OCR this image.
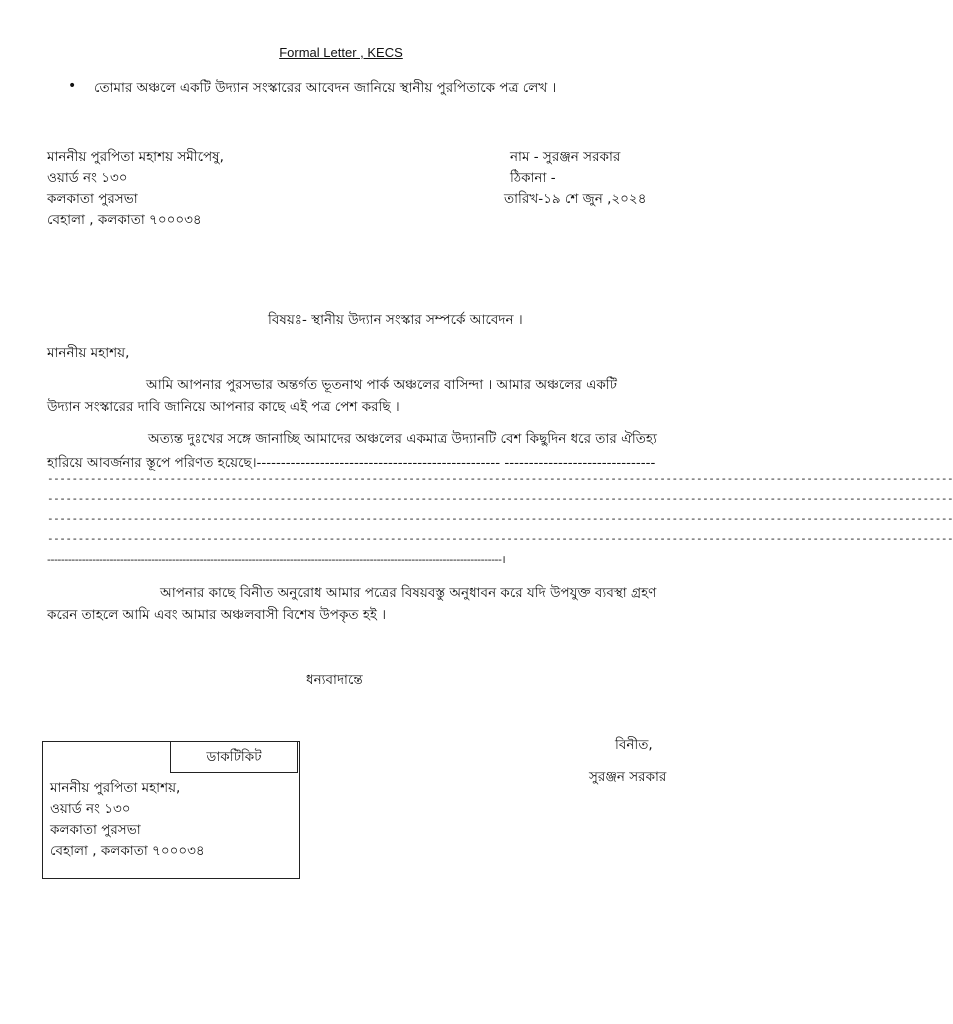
Formal Letter , KECS
• তোমার অঞ্চলে একটি উদ্যান সংস্কারের আবেদন জানিয়ে স্থানীয় পুরপিতাকে পত্র লেখ ।
মাননীয় পুরপিতা মহাশয় সমীপেষু,
ওয়ার্ড নং ১৩০
কলকাতা পুরসভা
বেহালা , কলকাতা ৭০০০৩৪
নাম - সুরঞ্জন সরকার
ঠিকানা -
তারিখ-১৯ শে জুন ,২০২৪
বিষয়ঃ- স্থানীয় উদ্যান সংস্কার সম্পর্কে আবেদন ।
মাননীয় মহাশয়,
আমি আপনার পুরসভার অন্তর্গত ভূতনাথ পার্ক অঞ্চলের বাসিন্দা । আমার অঞ্চলের একটি
উদ্যান সংস্কারের দাবি জানিয়ে আপনার কাছে এই পত্র পেশ করছি ।
অত্যন্ত দুঃখের সঙ্গে জানাচ্ছি আমাদের অঞ্চলের একমাত্র উদ্যানটি বেশ কিছুদিন ধরে তার ঐতিহ্য
হারিয়ে আবর্জনার স্তূপে পরিণত হয়েছে।-------------------------------------------------- -------------------------------
----------------------------------------------------------------------------------------------------------------------------------------------------
----------------------------------------------------------------------------------------------------------------------------------------------------
----------------------------------------------------------------------------------------------------------------------------------------------------
----------------------------------------------------------------------------------------------------------------------------------------------------
-----------------------------------------------------------------------------------------------------------------------------------।
আপনার কাছে বিনীত অনুরোধ আমার পত্রের বিষয়বস্তু অনুধাবন করে যদি উপযুক্ত ব্যবস্থা গ্রহণ
করেন তাহলে আমি এবং আমার অঞ্চলবাসী বিশেষ উপকৃত হই ।
ধন্যবাদান্তে
বিনীত,
সুরঞ্জন সরকার
ডাকটিকিট
মাননীয় পুরপিতা মহাশয়,
ওয়ার্ড নং ১৩০
কলকাতা পুরসভা
বেহালা , কলকাতা ৭০০০৩৪
